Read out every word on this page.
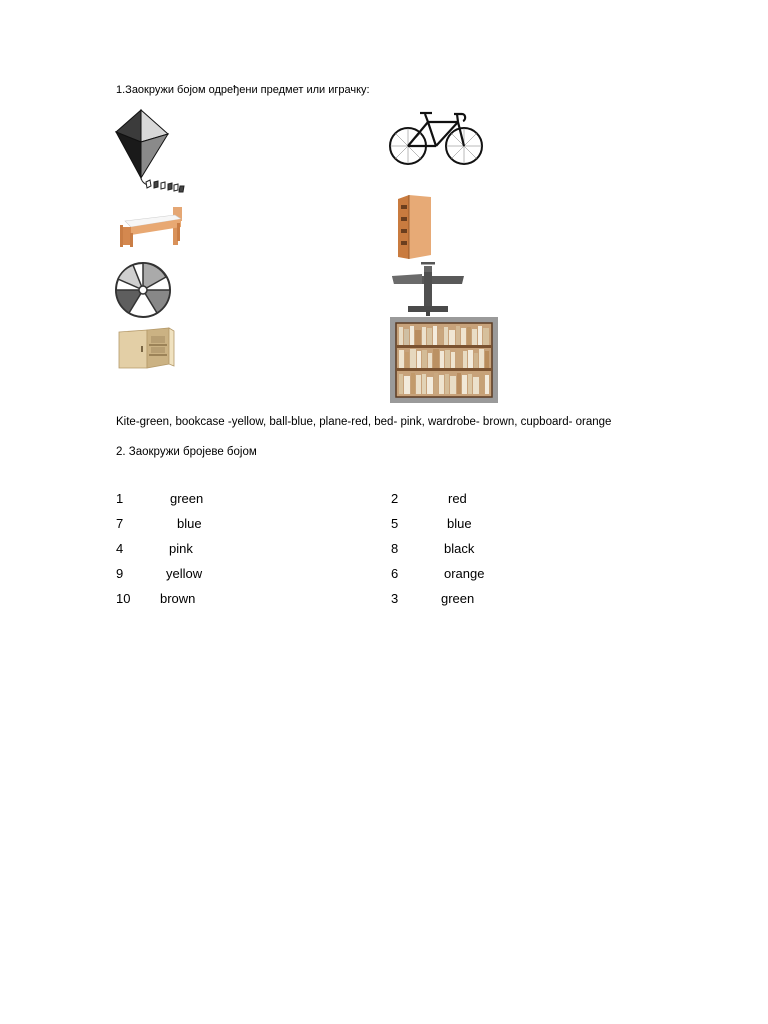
1.Заокружи бојом одређени предмет или играчку:
Kite-green, bookcase -yellow, ball-blue, plane-red, bed- pink, wardrobe- brown, cupboard- orange
2. Заокружи бројеве бојом
1	green
7	blue
4	pink
9	yellow
10 brown
2	red
5	blue
8	black
6	orange
3	green
